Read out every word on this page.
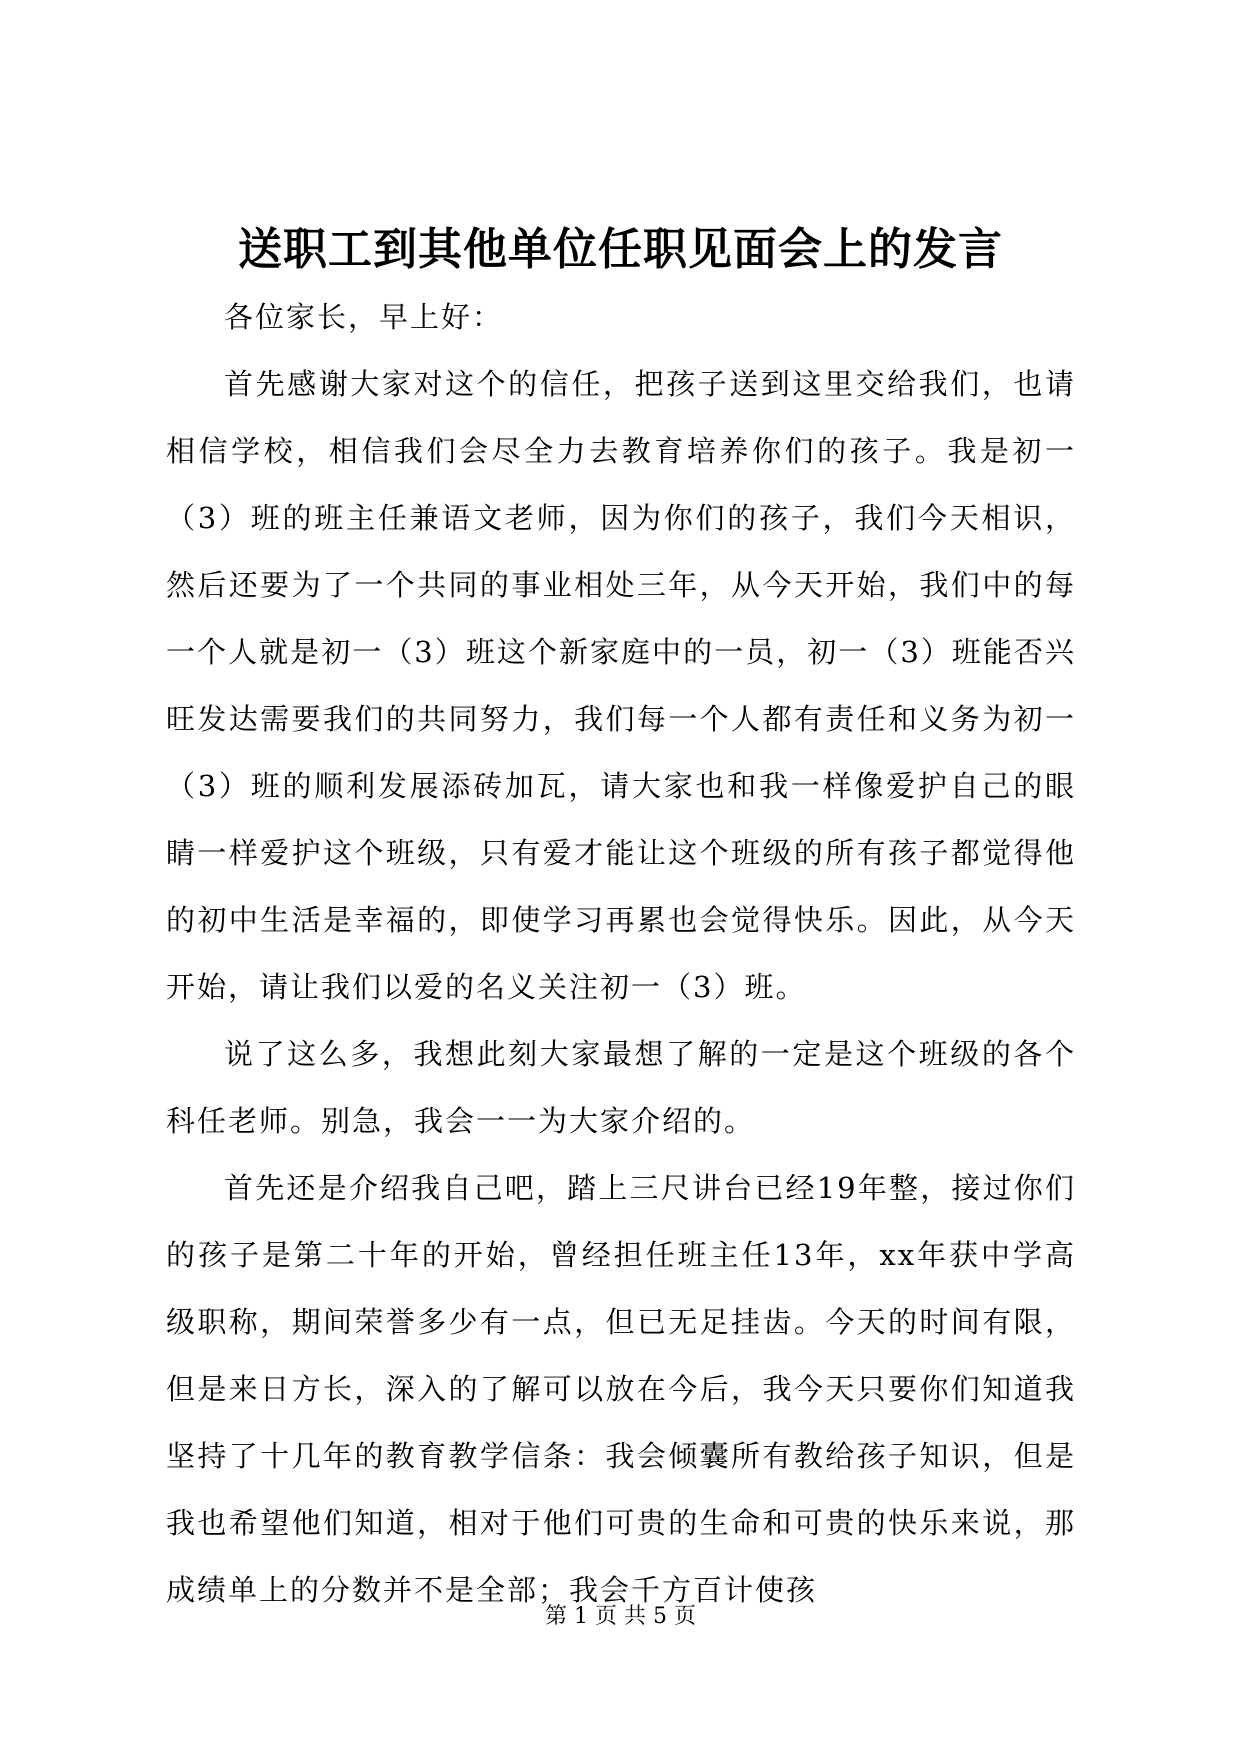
送职工到其他单位任职见面会上的发言

各位家长，早上好：

首先感谢大家对这个的信任，把孩子送到这里交给我们，也请相信学校，相信我们会尽全力去教育培养你们的孩子。我是初一（3）班的班主任兼语文老师，因为你们的孩子，我们今天相识，然后还要为了一个共同的事业相处三年，从今天开始，我们中的每一个人就是初一（3）班这个新家庭中的一员，初一（3）班能否兴旺发达需要我们的共同努力，我们每一个人都有责任和义务为初一（3）班的顺利发展添砖加瓦，请大家也和我一样像爱护自己的眼睛一样爱护这个班级，只有爱才能让这个班级的所有孩子都觉得他的初中生活是幸福的，即使学习再累也会觉得快乐。因此，从今天开始，请让我们以爱的名义关注初一（3）班。

说了这么多，我想此刻大家最想了解的一定是这个班级的各个科任老师。别急，我会一一为大家介绍的。

首先还是介绍我自己吧，踏上三尺讲台已经19年整，接过你们的孩子是第二十年的开始，曾经担任班主任13年，xx年获中学高级职称，期间荣誉多少有一点，但已无足挂齿。今天的时间有限，但是来日方长，深入的了解可以放在今后，我今天只要你们知道我坚持了十几年的教育教学信条：我会倾囊所有教给孩子知识，但是我也希望他们知道，相对于他们可贵的生命和可贵的快乐来说，那成绩单上的分数并不是全部；我会千方百计使孩

第 1 页 共 5 页
